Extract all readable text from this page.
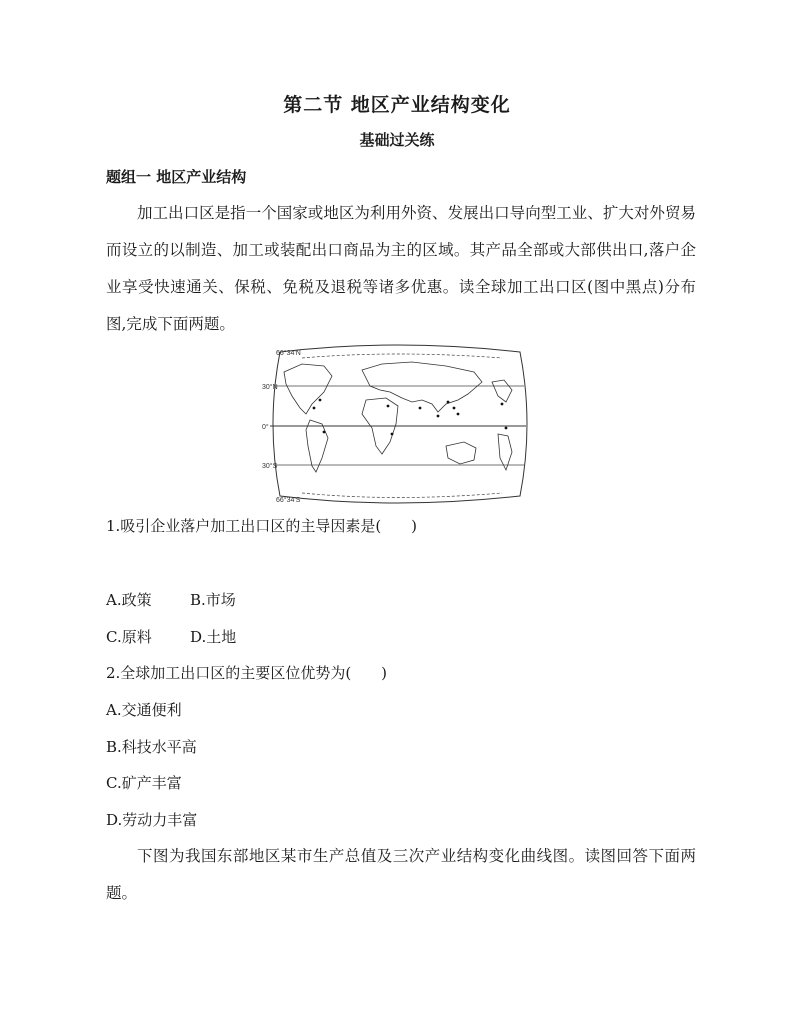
第二节 地区产业结构变化
基础过关练
题组一 地区产业结构
加工出口区是指一个国家或地区为利用外资、发展出口导向型工业、扩大对外贸易而设立的以制造、加工或装配出口商品为主的区域。其产品全部或大部供出口,落户企业享受快速通关、保税、免税及退税等诸多优惠。读全球加工出口区(图中黑点)分布图,完成下面两题。
66°34'N
30°N
0°
30°S
66°34'S
1.吸引企业落户加工出口区的主导因素是(　　)
A.政策	B.市场
C.原料	D.土地
2.全球加工出口区的主要区位优势为(　　)
A.交通便利
B.科技水平高
C.矿产丰富
D.劳动力丰富
下图为我国东部地区某市生产总值及三次产业结构变化曲线图。读图回答下面两题。
